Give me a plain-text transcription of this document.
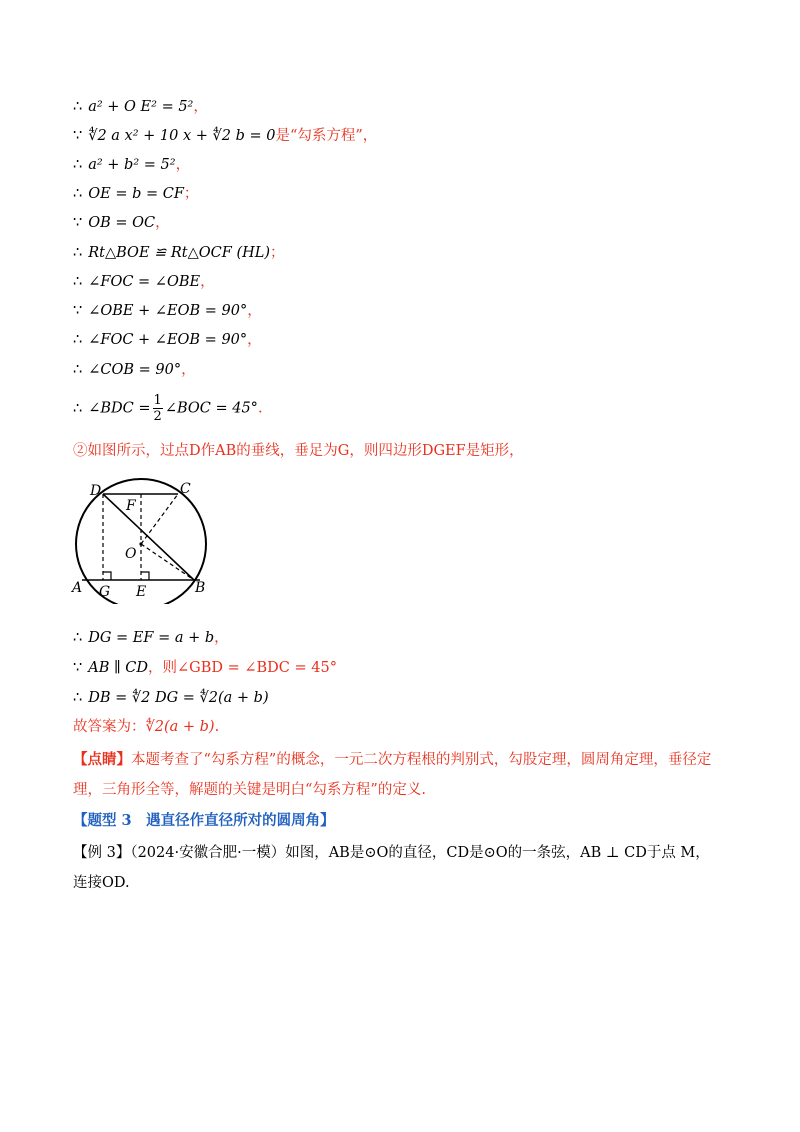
∴ a² + O E² = 5²，
∵ ∜2 a x² + 10 x + ∜2 b = 0是“勾系方程”，
∴ a² + b² = 5²，
∴ OE = b = CF；
∵ OB = OC，
∴ Rt△BOE ≌ Rt△OCF (HL)；
∴ ∠FOC = ∠OBE，
∵ ∠OBE + ∠EOB = 90°，
∴ ∠FOC + ∠EOB = 90°，
∴ ∠COB = 90°，
∴ ∠BDC = $\frac{1}{2}$ ∠BOC = 45°.
②如图所示，过点D作AB的垂线，垂足为G，则四边形DGEF是矩形，
D	C
F
O
A G E	B
∴ DG = EF = a + b，
∵ AB ∥ CD，则∠GBD = ∠BDC = 45°
∴ DB = ∜2 DG = ∜2(a + b)
故答案为：∜2(a + b).
【点睛】本题考查了“勾系方程”的概念，一元二次方程根的判别式，勾股定理，圆周角定理，垂径定理，三角形全等，解题的关键是明白“勾系方程”的定义.
【题型 3　遇直径作直径所对的圆周角】
【例 3】（2024·安徽合肥·一模）如图，AB是⊙O的直径，CD是⊙O的一条弦，AB ⊥ CD于点 M，连接OD.
